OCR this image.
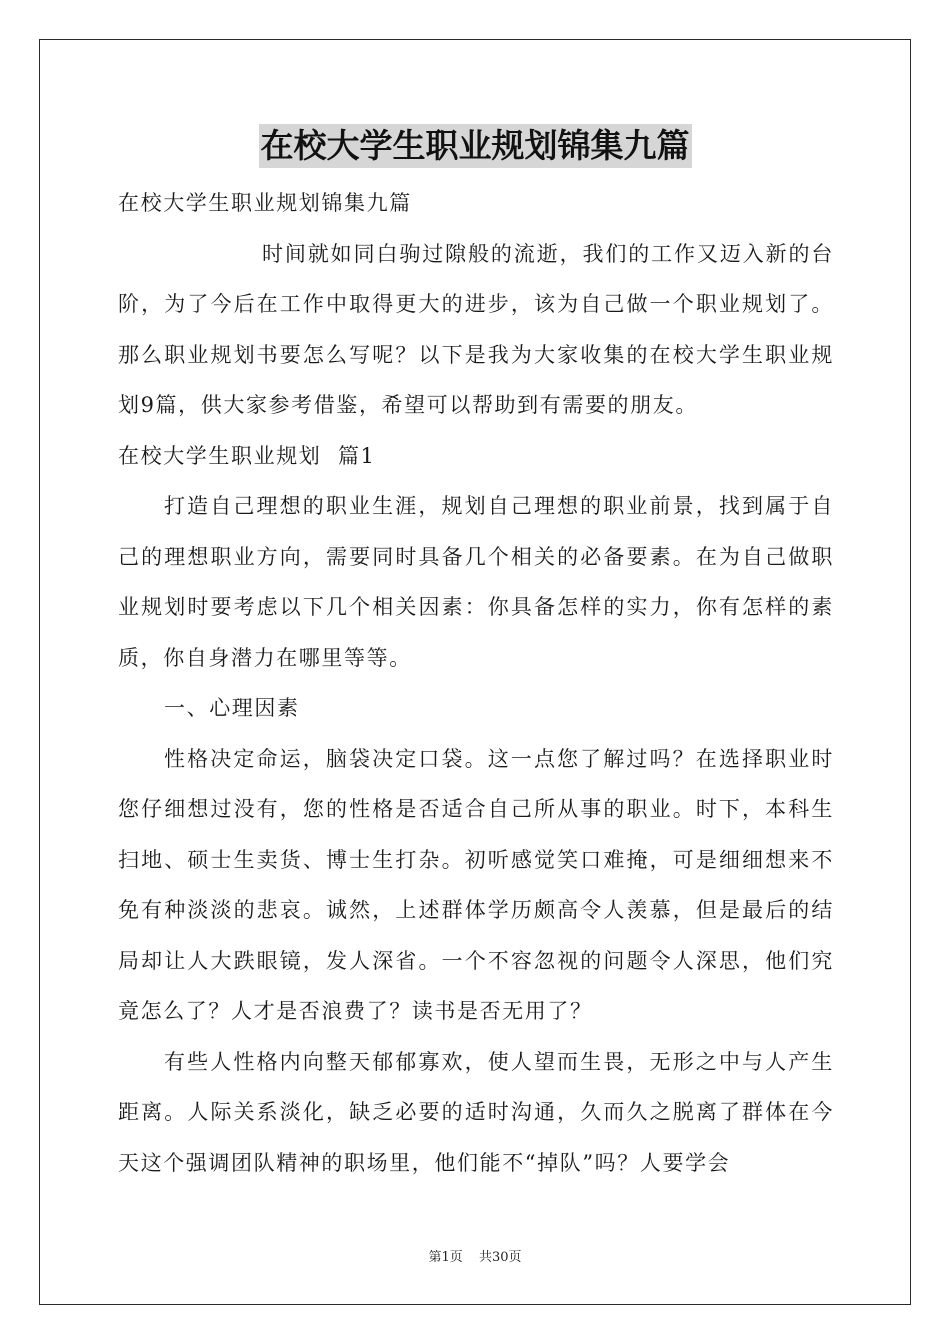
在校大学生职业规划锦集九篇

在校大学生职业规划锦集九篇

时间就如同白驹过隙般的流逝，我们的工作又迈入新的台阶，为了今后在工作中取得更大的进步，该为自己做一个职业规划了。那么职业规划书要怎么写呢？以下是我为大家收集的在校大学生职业规划9篇，供大家参考借鉴，希望可以帮助到有需要的朋友。

在校大学生职业规划  篇1

打造自己理想的职业生涯，规划自己理想的职业前景，找到属于自己的理想职业方向，需要同时具备几个相关的必备要素。在为自己做职业规划时要考虑以下几个相关因素：你具备怎样的实力，你有怎样的素质，你自身潜力在哪里等等。

一、心理因素

性格决定命运，脑袋决定口袋。这一点您了解过吗？在选择职业时您仔细想过没有，您的性格是否适合自己所从事的职业。时下，本科生扫地、硕士生卖货、博士生打杂。初听感觉笑口难掩，可是细细想来不免有种淡淡的悲哀。诚然，上述群体学历颇高令人羡慕，但是最后的结局却让人大跌眼镜，发人深省。一个不容忽视的问题令人深思，他们究竟怎么了？人才是否浪费了？读书是否无用了？

有些人性格内向整天郁郁寡欢，使人望而生畏，无形之中与人产生距离。人际关系淡化，缺乏必要的适时沟通，久而久之脱离了群体在今天这个强调团队精神的职场里，他们能不“掉队”吗？人要学会

第1页 共30页
